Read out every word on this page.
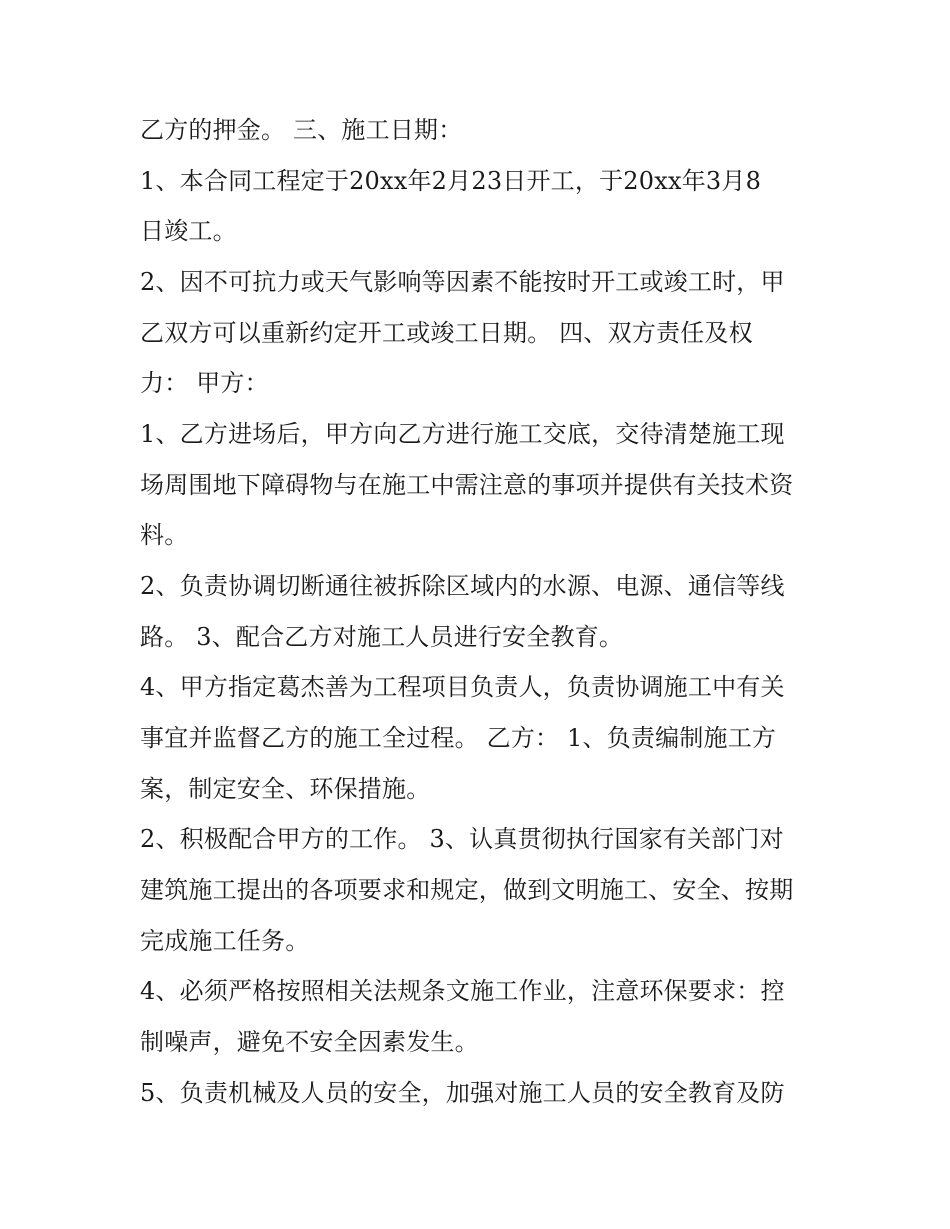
乙方的押金。 三、施工日期：

1、本合同工程定于20xx年2月23日开工，于20xx年3月8

日竣工。

2、因不可抗力或天气影响等因素不能按时开工或竣工时，甲

乙双方可以重新约定开工或竣工日期。 四、双方责任及权

力： 甲方：

1、乙方进场后，甲方向乙方进行施工交底，交待清楚施工现

场周围地下障碍物与在施工中需注意的事项并提供有关技术资

料。

2、负责协调切断通往被拆除区域内的水源、电源、通信等线

路。 3、配合乙方对施工人员进行安全教育。

4、甲方指定葛杰善为工程项目负责人，负责协调施工中有关

事宜并监督乙方的施工全过程。 乙方： 1、负责编制施工方

案，制定安全、环保措施。

2、积极配合甲方的工作。 3、认真贯彻执行国家有关部门对

建筑施工提出的各项要求和规定，做到文明施工、安全、按期

完成施工任务。

4、必须严格按照相关法规条文施工作业，注意环保要求：控

制噪声，避免不安全因素发生。

5、负责机械及人员的安全，加强对施工人员的安全教育及防
